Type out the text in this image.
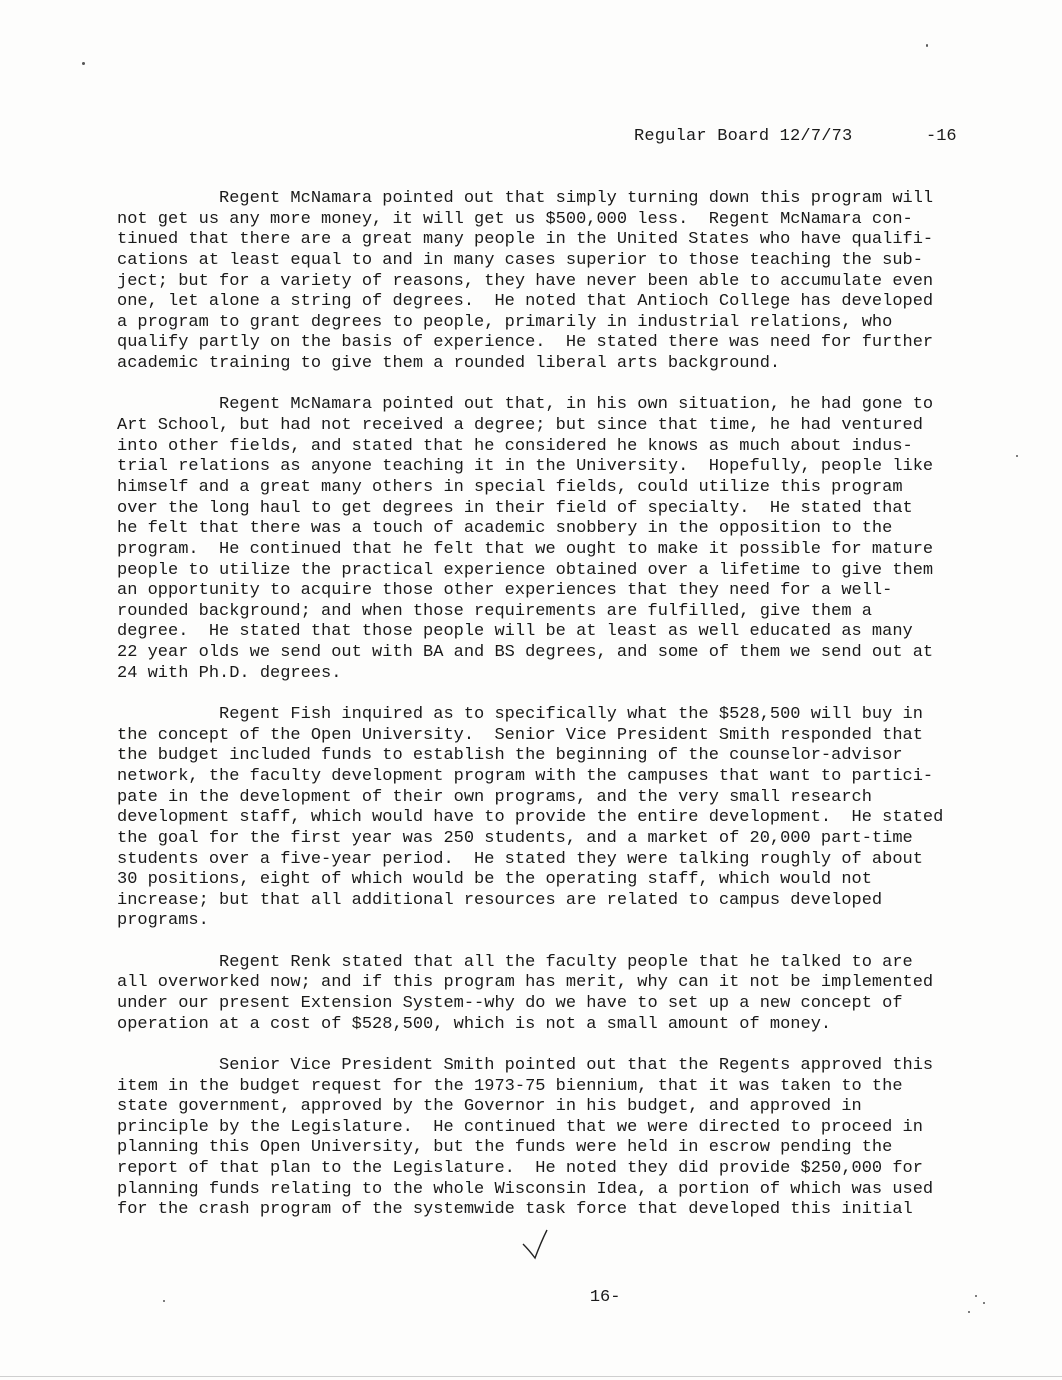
Regular Board 12/7/73	-16
Regent McNamara pointed out that simply turning down this program will
not get us any more money, it will get us $500,000 less.  Regent McNamara con-
tinued that there are a great many people in the United States who have qualifi-
cations at least equal to and in many cases superior to those teaching the sub-
ject; but for a variety of reasons, they have never been able to accumulate even
one, let alone a string of degrees.  He noted that Antioch College has developed
a program to grant degrees to people, primarily in industrial relations, who
qualify partly on the basis of experience.  He stated there was need for further
academic training to give them a rounded liberal arts background.
Regent McNamara pointed out that, in his own situation, he had gone to
Art School, but had not received a degree; but since that time, he had ventured
into other fields, and stated that he considered he knows as much about indus-
trial relations as anyone teaching it in the University.  Hopefully, people like
himself and a great many others in special fields, could utilize this program
over the long haul to get degrees in their field of specialty.  He stated that
he felt that there was a touch of academic snobbery in the opposition to the
program.  He continued that he felt that we ought to make it possible for mature
people to utilize the practical experience obtained over a lifetime to give them
an opportunity to acquire those other experiences that they need for a well-
rounded background; and when those requirements are fulfilled, give them a
degree.  He stated that those people will be at least as well educated as many
22 year olds we send out with BA and BS degrees, and some of them we send out at
24 with Ph.D. degrees.
Regent Fish inquired as to specifically what the $528,500 will buy in
the concept of the Open University.  Senior Vice President Smith responded that
the budget included funds to establish the beginning of the counselor-advisor
network, the faculty development program with the campuses that want to partici-
pate in the development of their own programs, and the very small research
development staff, which would have to provide the entire development.  He stated
the goal for the first year was 250 students, and a market of 20,000 part-time
students over a five-year period.  He stated they were talking roughly of about
30 positions, eight of which would be the operating staff, which would not
increase; but that all additional resources are related to campus developed
programs.
Regent Renk stated that all the faculty people that he talked to are
all overworked now; and if this program has merit, why can it not be implemented
under our present Extension System--why do we have to set up a new concept of
operation at a cost of $528,500, which is not a small amount of money.
Senior Vice President Smith pointed out that the Regents approved this
item in the budget request for the 1973-75 biennium, that it was taken to the
state government, approved by the Governor in his budget, and approved in
principle by the Legislature.  He continued that we were directed to proceed in
planning this Open University, but the funds were held in escrow pending the
report of that plan to the Legislature.  He noted they did provide $250,000 for
planning funds relating to the whole Wisconsin Idea, a portion of which was used
for the crash program of the systemwide task force that developed this initial

16-
